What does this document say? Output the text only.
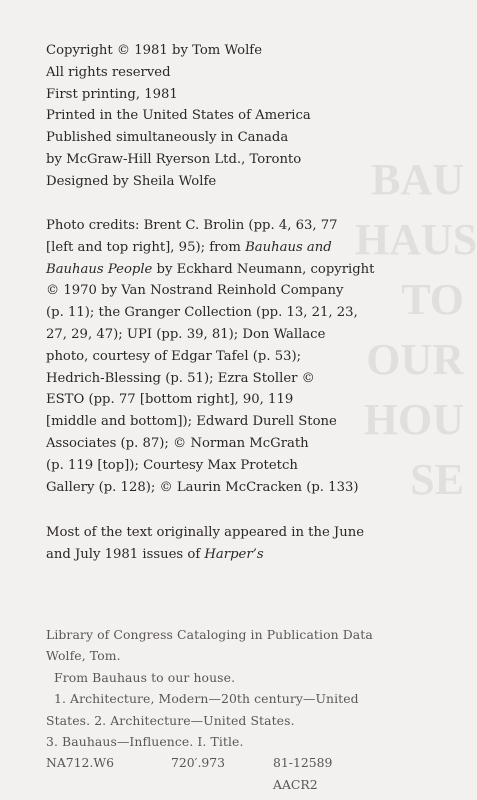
BAU
HAUS
TO
OUR
HOU
SE
Copyright © 1981 by Tom Wolfe
All rights reserved
First printing, 1981
Printed in the United States of America
Published simultaneously in Canada
by McGraw-Hill Ryerson Ltd., Toronto
Designed by Sheila Wolfe
Photo credits: Brent C. Brolin (pp. 4, 63, 77
[left and top right], 95); from Bauhaus and
Bauhaus People by Eckhard Neumann, copyright
© 1970 by Van Nostrand Reinhold Company
(p. 11); the Granger Collection (pp. 13, 21, 23,
27, 29, 47); UPI (pp. 39, 81); Don Wallace
photo, courtesy of Edgar Tafel (p. 53);
Hedrich-Blessing (p. 51); Ezra Stoller ©
ESTO (pp. 77 [bottom right], 90, 119
[middle and bottom]); Edward Durell Stone
Associates (p. 87); © Norman McGrath
(p. 119 [top]); Courtesy Max Protetch
Gallery (p. 128); © Laurin McCracken (p. 133)
Most of the text originally appeared in the June
and July 1981 issues of Harper’s
Library of Congress Cataloging in Publication Data
Wolfe, Tom.
From Bauhaus to our house.
1. Architecture, Modern—20th century—United
States. 2. Architecture—United States.
3. Bauhaus—Influence. I. Title.
NA712.W6	720′.973	81-12589
AACR2
